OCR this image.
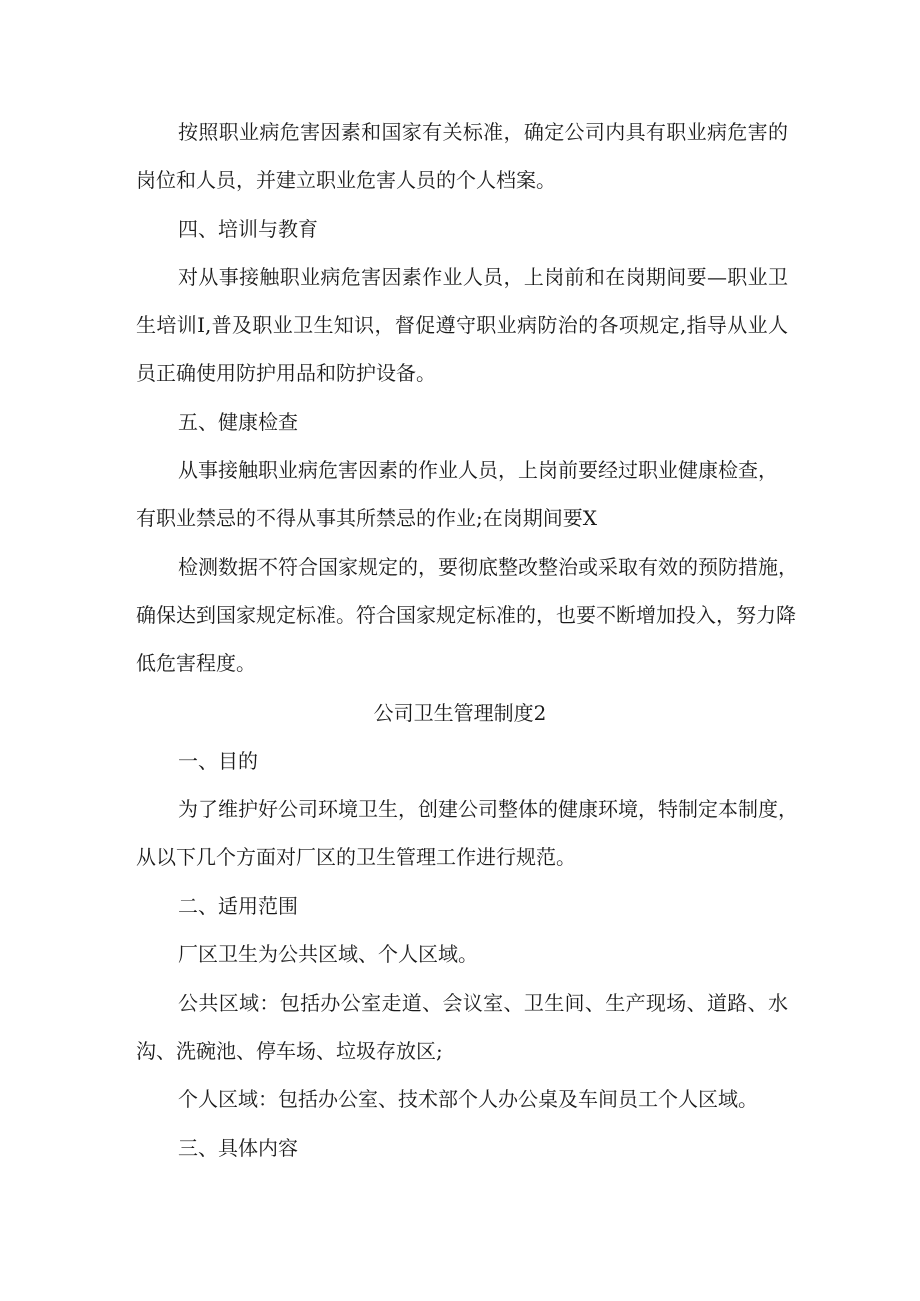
按照职业病危害因素和国家有关标准，确定公司内具有职业病危害的

岗位和人员，并建立职业危害人员的个人档案。

四、培训与教育

对从事接触职业病危害因素作业人员，上岗前和在岗期间要—职业卫

生培训I,普及职业卫生知识，督促遵守职业病防治的各项规定,指导从业人

员正确使用防护用品和防护设备。

五、健康检查

从事接触职业病危害因素的作业人员，上岗前要经过职业健康检查，

有职业禁忌的不得从事其所禁忌的作业;在岗期间要X

检测数据不符合国家规定的，要彻底整改整治或采取有效的预防措施，

确保达到国家规定标准。符合国家规定标准的，也要不断增加投入，努力降

低危害程度。

公司卫生管理制度2

一、目的

为了维护好公司环境卫生，创建公司整体的健康环境，特制定本制度，

从以下几个方面对厂区的卫生管理工作进行规范。

二、适用范围

厂区卫生为公共区域、个人区域。

公共区域：包括办公室走道、会议室、卫生间、生产现场、道路、水

沟、洗碗池、停车场、垃圾存放区;

个人区域：包括办公室、技术部个人办公桌及车间员工个人区域。

三、具体内容
